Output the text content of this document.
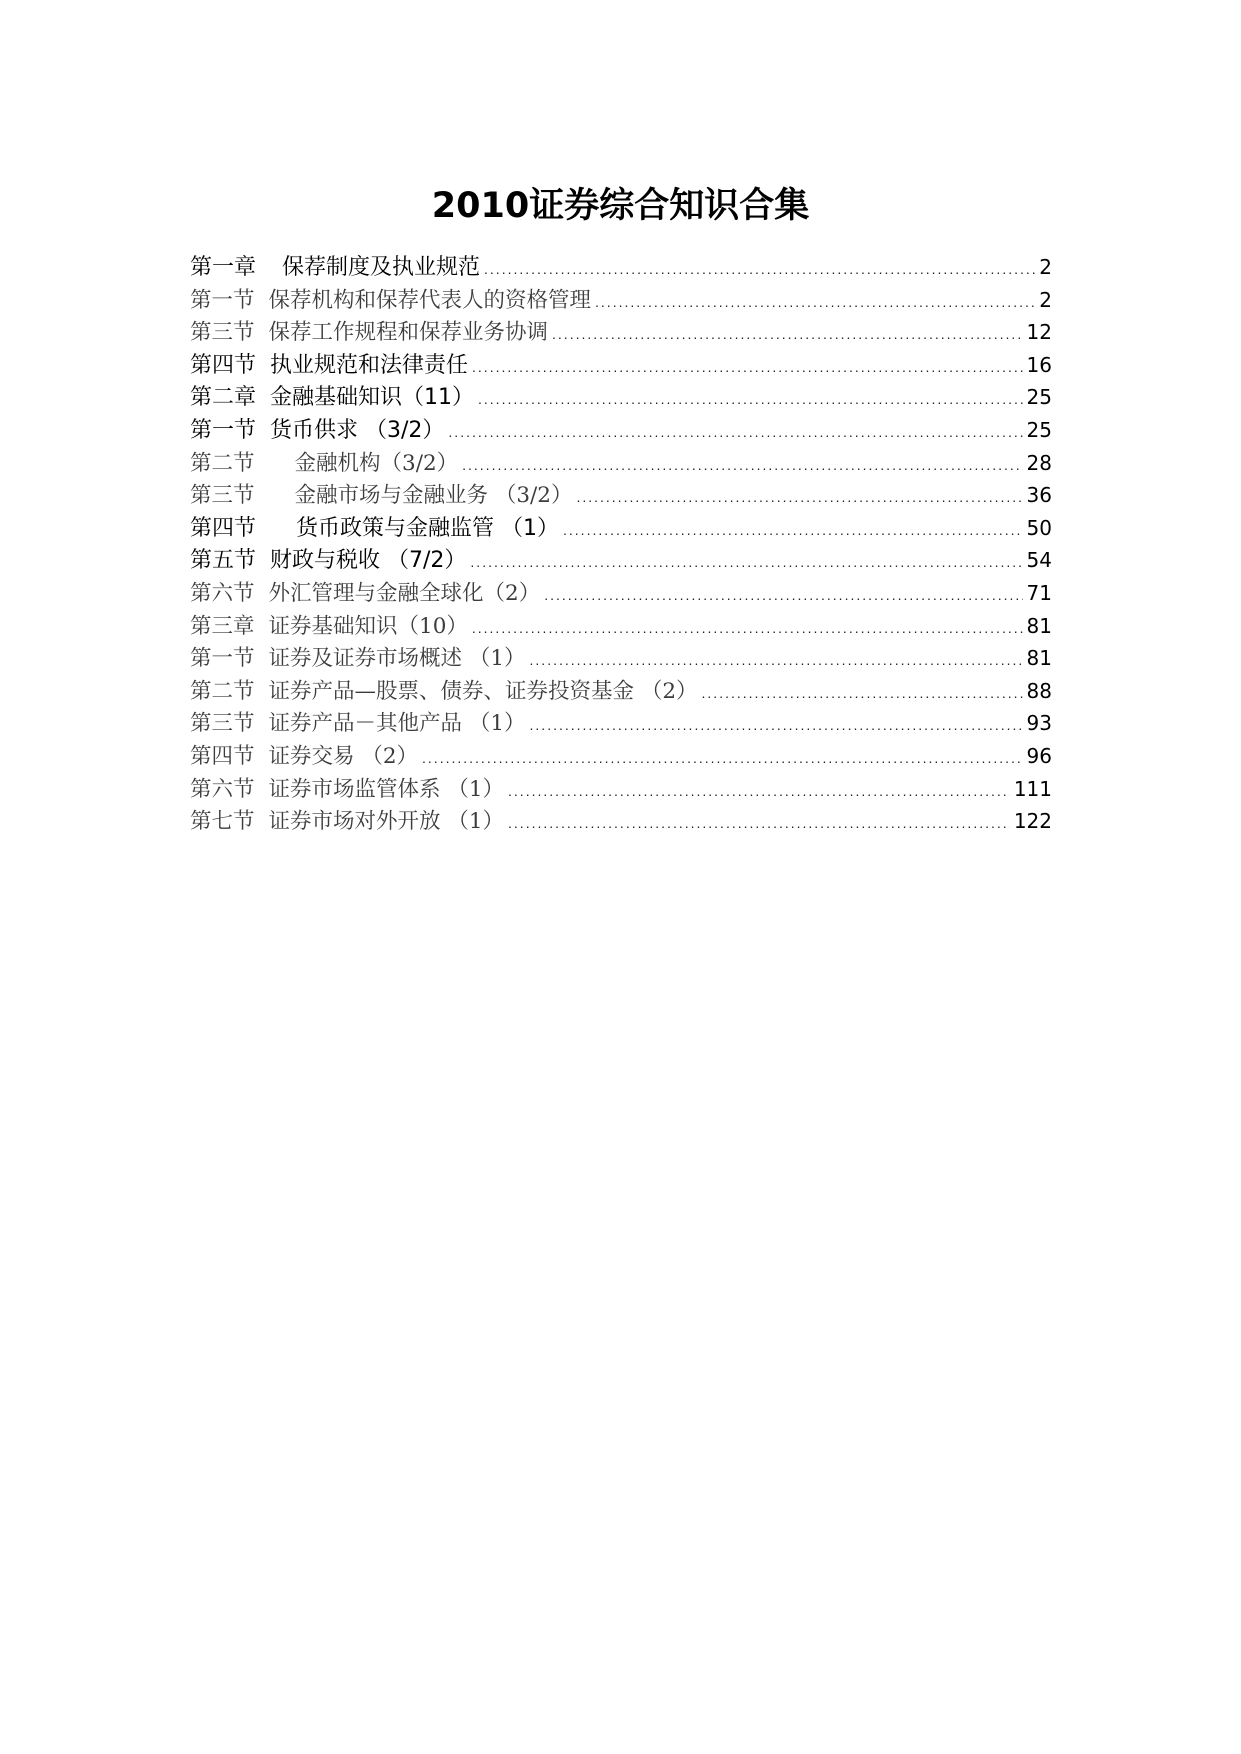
2010证券综合知识合集
第一章	保荐制度及执业规范 .....	2
第一节 保荐机构和保荐代表人的资格管理 .....	2
第三节 保荐工作规程和保荐业务协调 .....	12
第四节 执业规范和法律责任 .....	16
第二章 金融基础知识（11） .....	25
第一节 货币供求 （3/2） .....	25
第二节	金融机构（3/2） .....	28
第三节	金融市场与金融业务 （3/2） .....	36
第四节	货币政策与金融监管 （1） .....	50
第五节 财政与税收 （7/2） .....	54
第六节 外汇管理与金融全球化（2） .....	71
第三章 证券基础知识（10） .....	81
第一节 证券及证券市场概述 （1） .....	81
第二节 证券产品—股票、债券、证券投资基金 （2） .....	88
第三节 证券产品－其他产品 （1） .....	93
第四节 证券交易 （2） .....	96
第六节 证券市场监管体系 （1） .....	111
第七节 证券市场对外开放 （1） .....	122
